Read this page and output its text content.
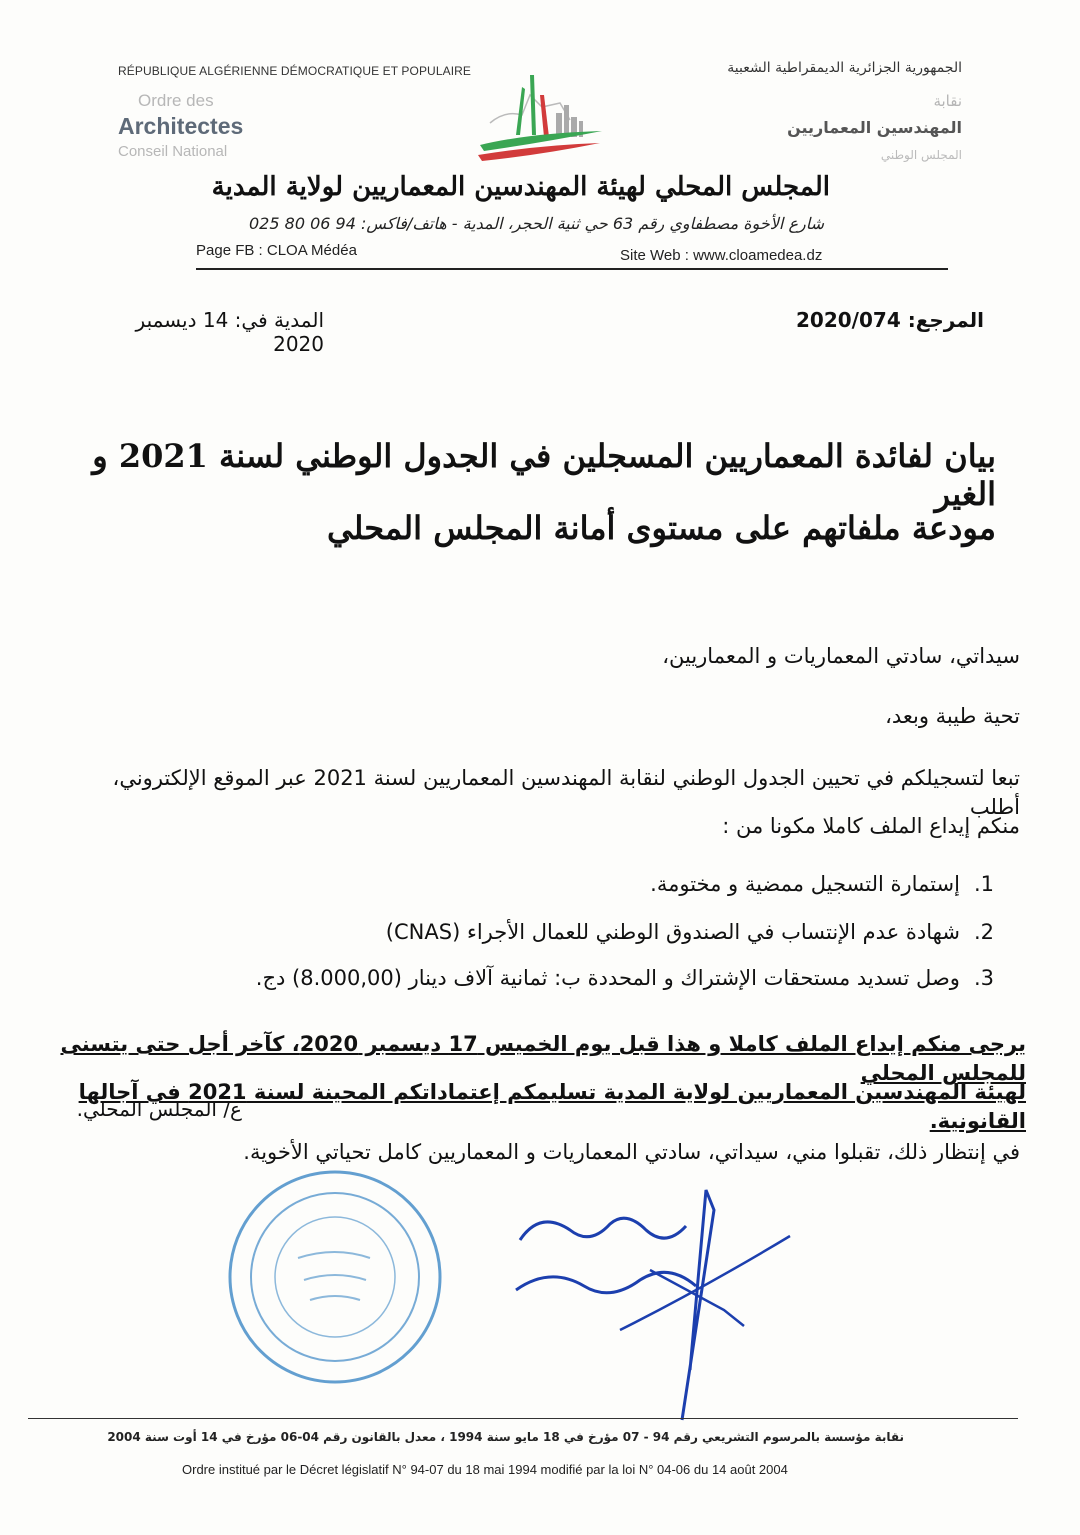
RÉPUBLIQUE ALGÉRIENNE DÉMOCRATIQUE ET POPULAIRE
Ordre des
Architectes
Conseil National
الجمهورية الجزائرية الديمقراطية الشعبية
نقابة
المهندسين المعماريين
المجلس الوطني
المجلس المحلي لهيئة المهندسين المعماريين لولاية المدية
شارع الأخوة مصطفاوي رقم 63 حي ثنية الحجر، المدية - هاتف/فاكس: 94 06 80 025
Page FB : CLOA Médéa	Site Web : www.cloamedea.dz
المرجع: 2020/074
المدية في: 14 ديسمبر 2020
بيان لفائدة المعماريين المسجلين في الجدول الوطني لسنة 2021 و الغير
مودعة ملفاتهم على مستوى أمانة المجلس المحلي
سيداتي، سادتي المعماريات و المعماريين،
تحية طيبة وبعد،
تبعا لتسجيلكم في تحيين الجدول الوطني لنقابة المهندسين المعماريين لسنة 2021 عبر الموقع الإلكتروني، أطلب
منكم إيداع الملف كاملا مكونا من :
1.إستمارة التسجيل ممضية و مختومة.
2.شهادة عدم الإنتساب في الصندوق الوطني للعمال الأجراء (CNAS)
3.وصل تسديد مستحقات الإشتراك و المحددة ب: ثمانية آلاف دينار (8.000,00) دج.
يرجى منكم إيداع الملف كاملا و هذا قبل يوم الخميس 17 ديسمبر 2020، كآخر أجل حتى يتسنى للمجلس المحلي
لهيئة المهندسين المعماريين لولاية المدية تسليمكم إعتماداتكم المحينة لسنة 2021 في آجالها القانونية.
في إنتظار ذلك، تقبلوا مني، سيداتي، سادتي المعماريات و المعماريين كامل تحياتي الأخوية.
ع/ المجلس المحلي.
نقابة مؤسسة بالمرسوم التشريعي رقم 94 - 07 مؤرخ في 18 مايو سنة 1994 ، معدل بالقانون رقم 04-06 مؤرخ في 14 أوت سنة 2004
Ordre institué par le Décret législatif N° 94-07 du 18 mai 1994 modifié par la loi N° 04-06 du 14 août 2004
